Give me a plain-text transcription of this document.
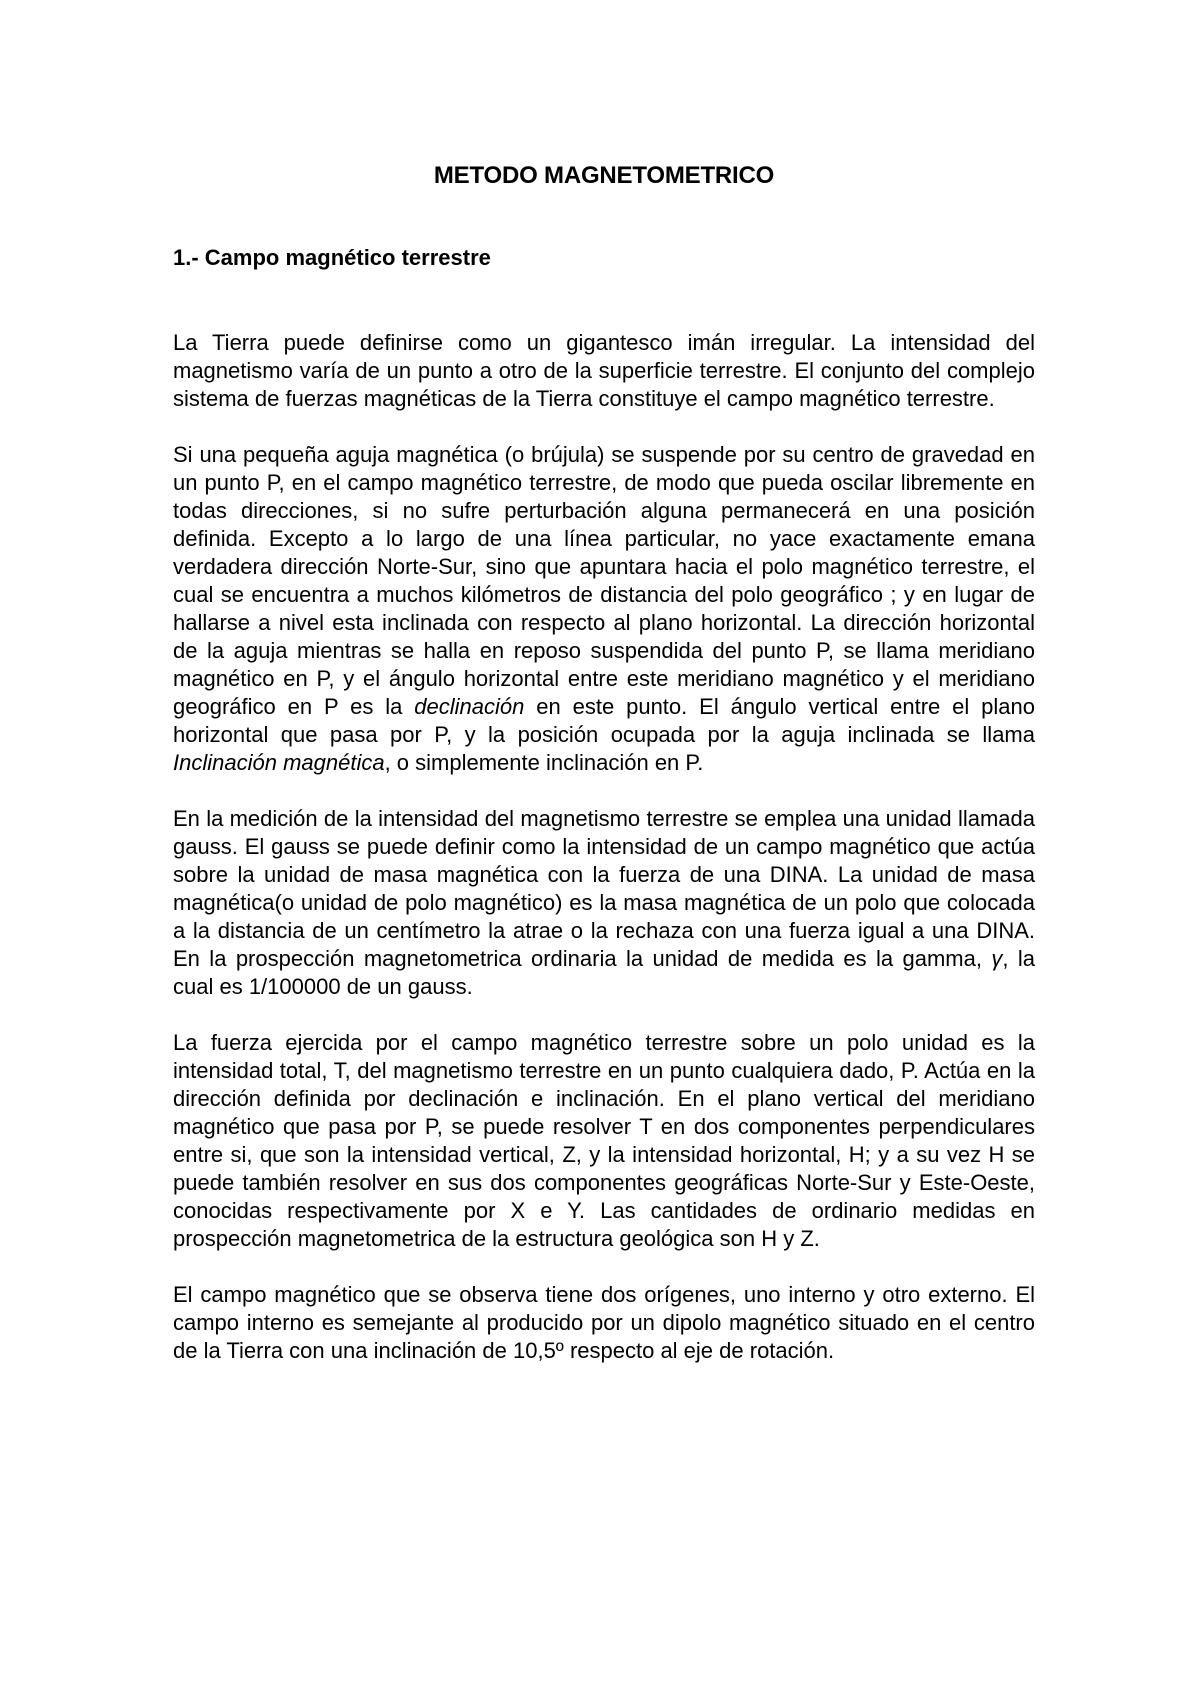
METODO MAGNETOMETRICO
1.- Campo magnético terrestre

La Tierra puede definirse como un gigantesco imán irregular. La intensidad del magnetismo varía de un punto a otro de la superficie terrestre. El conjunto del complejo sistema de fuerzas magnéticas de la Tierra constituye el campo magnético terrestre.

Si una pequeña aguja magnética (o brújula) se suspende por su centro de gravedad en un punto P, en el campo magnético terrestre, de modo que pueda oscilar libremente en todas direcciones, si no sufre perturbación alguna permanecerá en una posición definida. Excepto a lo largo de una línea particular, no yace exactamente emana verdadera dirección Norte-Sur, sino que apuntara hacia el polo magnético terrestre, el cual se encuentra a muchos kilómetros de distancia del polo geográfico ; y en lugar de hallarse a nivel esta inclinada con respecto al plano horizontal. La dirección horizontal de la aguja mientras se halla en reposo suspendida del punto P, se llama meridiano magnético en P, y el ángulo horizontal entre este meridiano magnético y el meridiano geográfico en P es la declinación en este punto. El ángulo vertical entre el plano horizontal que pasa por P, y la posición ocupada por la aguja inclinada se llama Inclinación magnética, o simplemente inclinación en P.

En la medición de la intensidad del magnetismo terrestre se emplea una unidad llamada gauss. El gauss se puede definir como la intensidad de un campo magnético que actúa sobre la unidad de masa magnética con la fuerza de una DINA. La unidad de masa magnética(o unidad de polo magnético) es la masa magnética de un polo que colocada a la distancia de un centímetro la atrae o la rechaza con una fuerza igual a una DINA. En la prospección magnetometrica ordinaria la unidad de medida es la gamma, γ, la cual es 1/100000 de un gauss.

La fuerza ejercida por el campo magnético terrestre sobre un polo unidad es la intensidad total, T, del magnetismo terrestre en un punto cualquiera dado, P. Actúa en la dirección definida por declinación e inclinación. En el plano vertical del meridiano magnético que pasa por P, se puede resolver T en dos componentes perpendiculares entre si, que son la intensidad vertical, Z, y la intensidad horizontal, H; y a su vez H se puede también resolver en sus dos componentes geográficas Norte-Sur y Este-Oeste, conocidas respectivamente por X e Y. Las cantidades de ordinario medidas en prospección magnetometrica de la estructura geológica son H y Z.

El campo magnético que se observa tiene dos orígenes, uno interno y otro externo. El campo interno es semejante al producido por un dipolo magnético situado en el centro de la Tierra con una inclinación de 10,5º respecto al eje de rotación.
